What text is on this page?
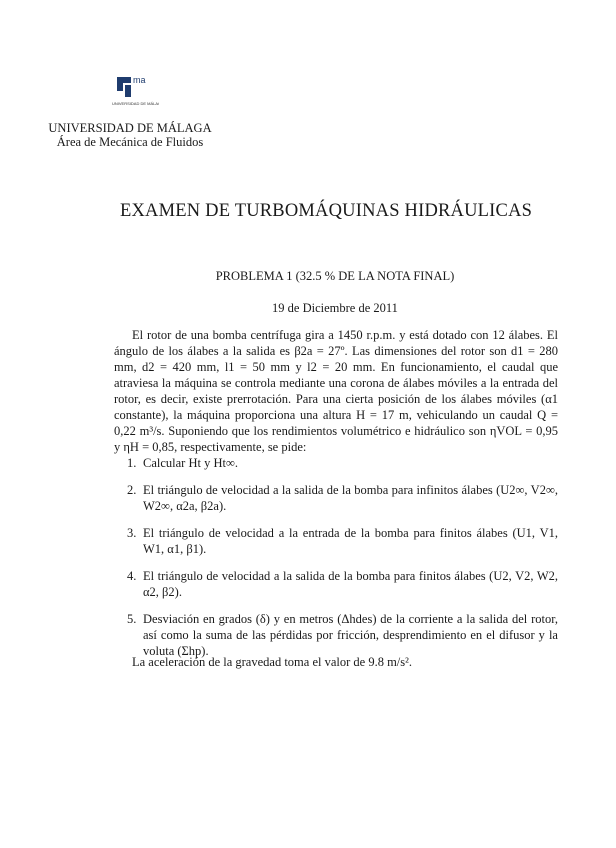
ma
UNIVERSIDAD DE MÁLAGA
UNIVERSIDAD DE MÁLAGA
Área de Mecánica de Fluidos
EXAMEN DE TURBOMÁQUINAS HIDRÁULICAS

PROBLEMA 1 (32.5 % DE LA NOTA FINAL)
19 de Diciembre de 2011
El rotor de una bomba centrífuga gira a 1450 r.p.m. y está dotado con 12 álabes. El ángulo de los álabes a la salida es β2a = 27º. Las dimensiones del rotor son d1 = 280 mm, d2 = 420 mm, l1 = 50 mm y l2 = 20 mm. En funcionamiento, el caudal que atraviesa la máquina se controla mediante una corona de álabes móviles a la entrada del rotor, es decir, existe prerrotación. Para una cierta posición de los álabes móviles (α1 constante), la máquina proporciona una altura H = 17 m, vehiculando un caudal Q = 0,22 m³/s. Suponiendo que los rendimientos volumétrico e hidráulico son ηVOL = 0,95 y ηH = 0,85, respectivamente, se pide:
1. Calcular Ht y Ht∞.
2. El triángulo de velocidad a la salida de la bomba para infinitos álabes (U2∞, V2∞, W2∞, α2a, β2a).
3. El triángulo de velocidad a la entrada de la bomba para finitos álabes (U1, V1, W1, α1, β1).
4. El triángulo de velocidad a la salida de la bomba para finitos álabes (U2, V2, W2, α2, β2).
5. Desviación en grados (δ) y en metros (Δhdes) de la corriente a la salida del rotor, así como la suma de las pérdidas por fricción, desprendimiento en el difusor y la voluta (Σhp).
La aceleración de la gravedad toma el valor de 9.8 m/s².
